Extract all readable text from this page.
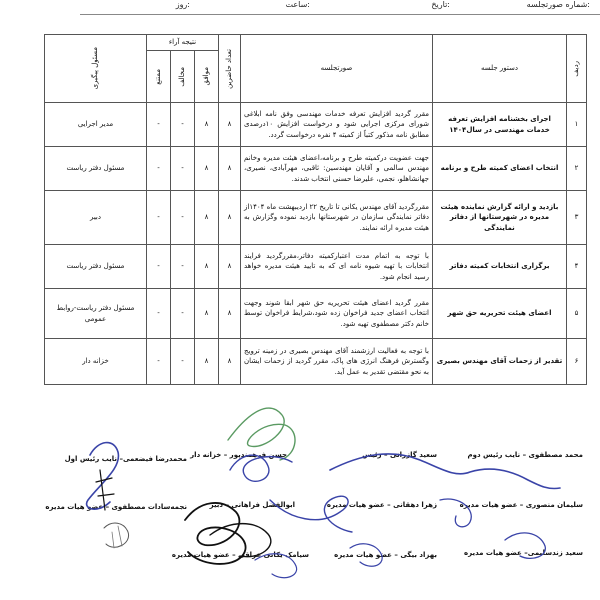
شماره صورتجلسه:
تاریخ:
ساعت:
روز:
ردیف	دستور جلسه	صورتجلسه	تعداد حاضرین	نتیجه آراء			مسئول پیگیری

				موافق	مخالف	ممتنع	

۱	اجرای بخشنامه افزایش تعرفه خدمات مهندسی در سال۱۴۰۴	مقرر گردید افزایش تعرفه خدمات مهندسی وفق نامه ابلاغی شورای مرکزی اجرایی شود و درخواست افزایش ۱۰درصدی مطابق نامه مذکور کتباً از کمیته ۴ نفره درخواست گردد.	۸	۸	-	-	مدیر اجرایی
۲	انتخاب اعضای کمیته طرح و برنامه	جهت عضویت درکمیته طرح و برنامه،اعضای هیئت مدیره وخانم مهندس سالمی و آقایان مهندسین: ثاقبی، مهرآبادی، نصیری، جهانشاهلو، نجمی، علیرضا حسنی انتخاب شدند.	۸	۸	-	-	مسئول دفتر ریاست
۳	بازدید و ارائه گزارش نماینده هیئت مدیره در شهرستانها از دفاتر نمایندگی	مقررگردید آقای مهندس یکانی تا تاریخ ۲۲ اردیبهشت ماه ۱۴۰۴از دفاتر نمایندگی سازمان در شهرستانها بازدید نموده وگزارش به هیئت مدیره ارائه نمایند.	۸	۸	-	-	دبیر
۴	برگزاری انتخابات کمیته دفاتر	با توجه به اتمام مدت اعتبارکمیته دفاتر،مقررگردید فرایند انتخابات با تهیه شیوه نامه ای که به تایید هیئت مدیره خواهد رسید انجام شود.	۸	۸	-	-	مسئول دفتر ریاست
۵	اعضای هیئت تحریریه حق شهر	مقرر گردید اعضای هیئت تحریریه حق شهر ابقا شوند وجهت انتخاب اعضای جدید فراخوان زده شود،شرایط فراخوان توسط خانم دکتر مصطفوی تهیه شود.	۸	۸	-	-	مسئول دفتر ریاست-روابط عمومی
۶	تقدیر از زحمات آقای مهندس بصیری	با توجه به فعالیت ارزشمند آقای مهندس بصیری در زمینه ترویج وگسترش فرهنگ انرژی های پاک، مقرر گردید از زحمات ایشان به نحو مقتضی تقدیر به عمل آید.	۸	۸	-	-	خزانه دار
محمد مصطفوی – نایب رئیس دوم
سعید گازرانی – رئیس
حسن فرهمندپور – خزانه دار
محمدرضا فیضعمی– نایب رئیس اول
سلیمان منصوری – عضو هیات مدیره
زهرا دهقانی – عضو هیات مدیره
ابوالفضل فراهانی – دبیر
نجمه‌سادات مصطفوی – عضو هیات مدیره
سعید زندسلیمی– عضو هیات مدیره
بهزاد بیگی – عضو هیات مدیره
سیامک یکانی عراقی – عضو هیات مدیره
